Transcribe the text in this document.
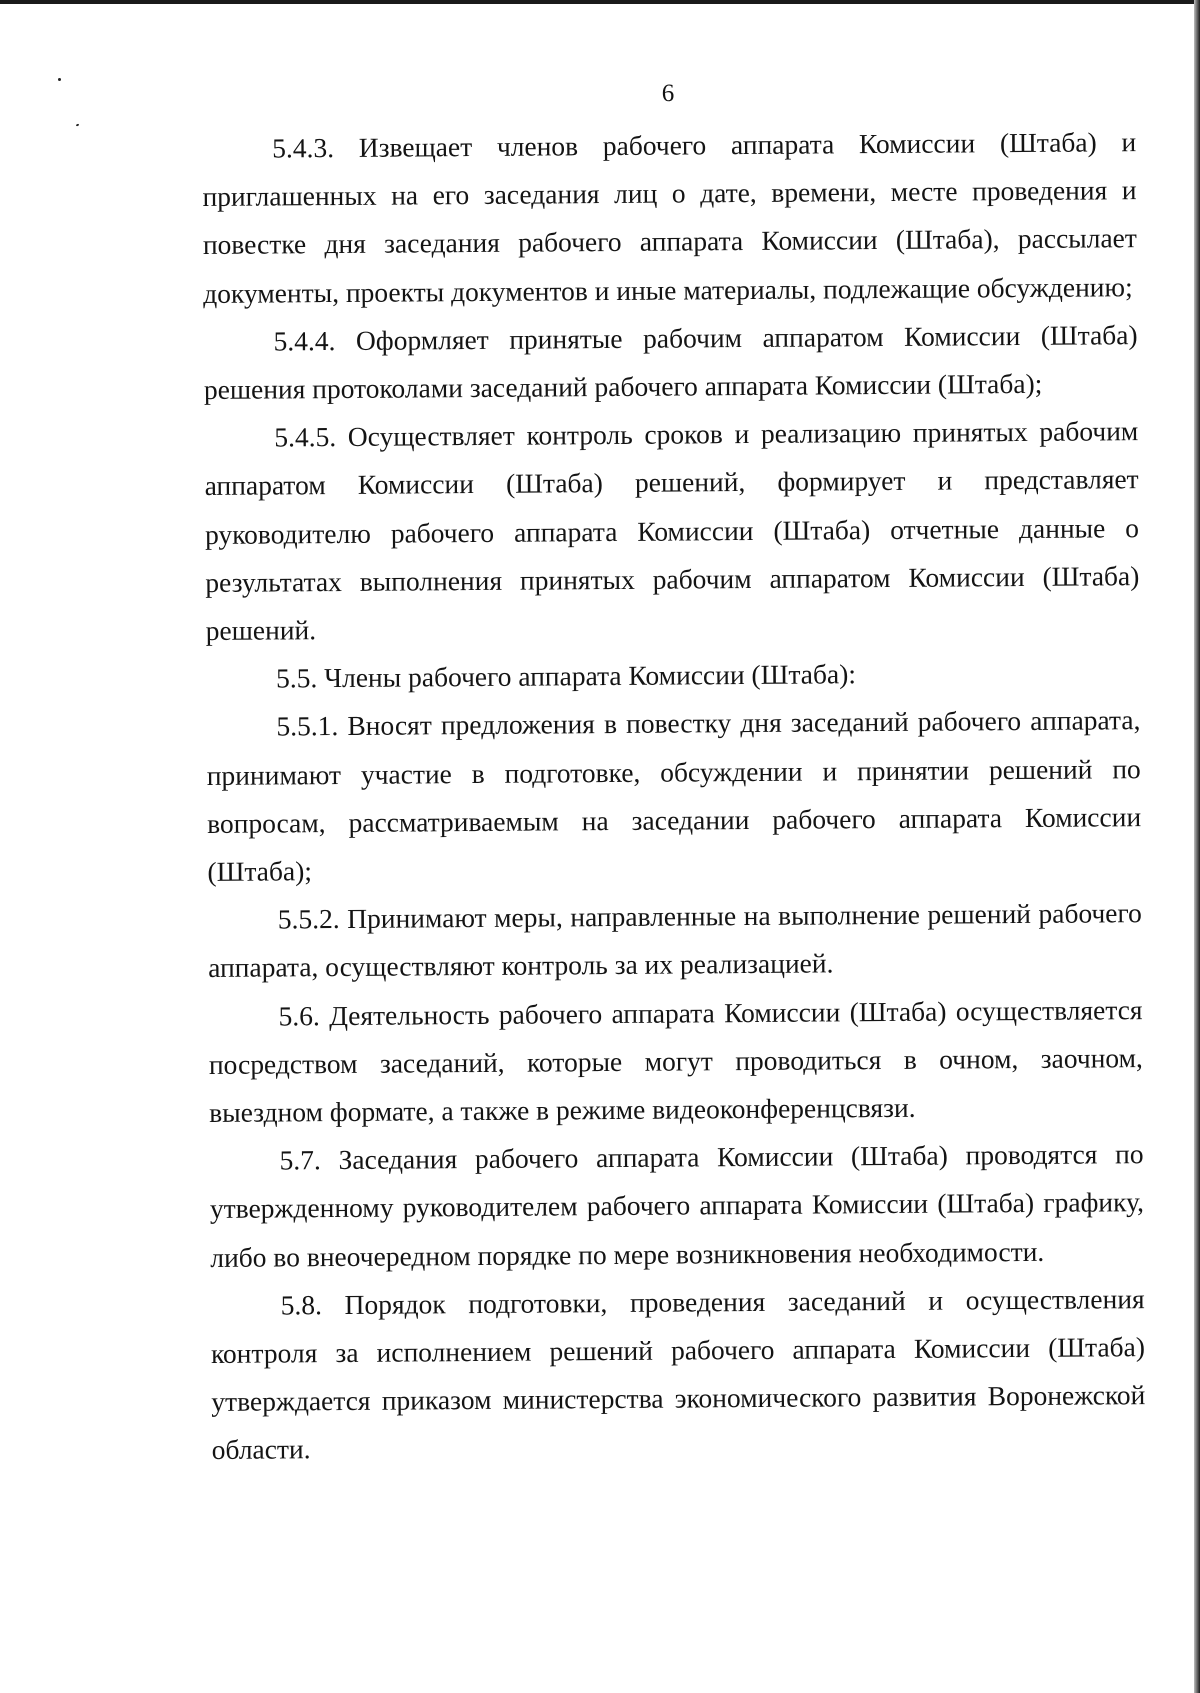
6

5.4.3. Извещает членов рабочего аппарата Комиссии (Штаба) и приглашенных на его заседания лиц о дате, времени, месте проведения и повестке дня заседания рабочего аппарата Комиссии (Штаба), рассылает документы, проекты документов и иные материалы, подлежащие обсуждению;

5.4.4. Оформляет принятые рабочим аппаратом Комиссии (Штаба) решения протоколами заседаний рабочего аппарата Комиссии (Штаба);

5.4.5. Осуществляет контроль сроков и реализацию принятых рабочим аппаратом Комиссии (Штаба) решений, формирует и представляет руководителю рабочего аппарата Комиссии (Штаба) отчетные данные о результатах выполнения принятых рабочим аппаратом Комиссии (Штаба) решений.

5.5. Члены рабочего аппарата Комиссии (Штаба):

5.5.1. Вносят предложения в повестку дня заседаний рабочего аппарата, принимают участие в подготовке, обсуждении и принятии решений по вопросам, рассматриваемым на заседании рабочего аппарата Комиссии (Штаба);

5.5.2. Принимают меры, направленные на выполнение решений рабочего аппарата, осуществляют контроль за их реализацией.

5.6. Деятельность рабочего аппарата Комиссии (Штаба) осуществляется посредством заседаний, которые могут проводиться в очном, заочном, выездном формате, а также в режиме видеоконференцсвязи.

5.7. Заседания рабочего аппарата Комиссии (Штаба) проводятся по утвержденному руководителем рабочего аппарата Комиссии (Штаба) графику, либо во внеочередном порядке по мере возникновения необходимости.

5.8. Порядок подготовки, проведения заседаний и осуществления контроля за исполнением решений рабочего аппарата Комиссии (Штаба) утверждается приказом министерства экономического развития Воронежской области.
